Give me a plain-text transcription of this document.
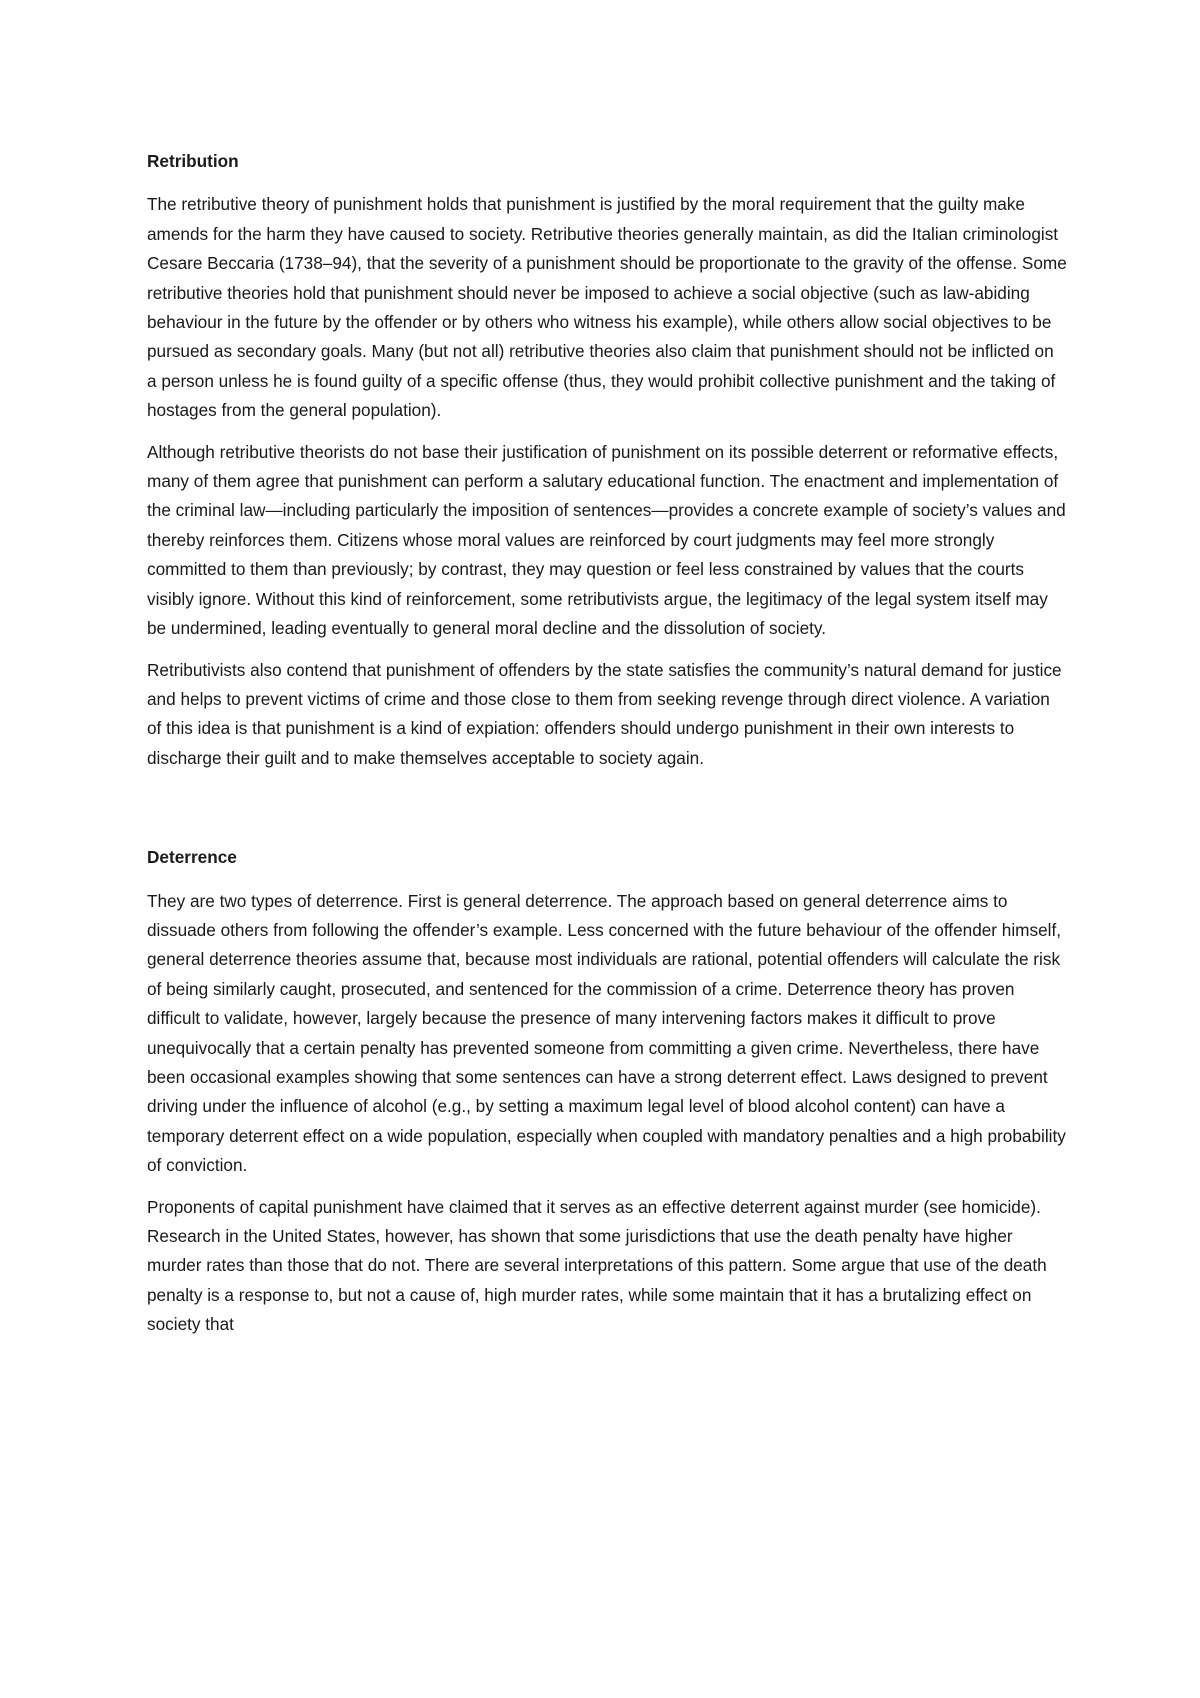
Retribution

The retributive theory of punishment holds that punishment is justified by the moral requirement that the guilty make amends for the harm they have caused to society. Retributive theories generally maintain, as did the Italian criminologist Cesare Beccaria (1738–94), that the severity of a punishment should be proportionate to the gravity of the offense. Some retributive theories hold that punishment should never be imposed to achieve a social objective (such as law-abiding behaviour in the future by the offender or by others who witness his example), while others allow social objectives to be pursued as secondary goals. Many (but not all) retributive theories also claim that punishment should not be inflicted on a person unless he is found guilty of a specific offense (thus, they would prohibit collective punishment and the taking of hostages from the general population).

Although retributive theorists do not base their justification of punishment on its possible deterrent or reformative effects, many of them agree that punishment can perform a salutary educational function. The enactment and implementation of the criminal law—including particularly the imposition of sentences—provides a concrete example of society’s values and thereby reinforces them. Citizens whose moral values are reinforced by court judgments may feel more strongly committed to them than previously; by contrast, they may question or feel less constrained by values that the courts visibly ignore. Without this kind of reinforcement, some retributivists argue, the legitimacy of the legal system itself may be undermined, leading eventually to general moral decline and the dissolution of society.

Retributivists also contend that punishment of offenders by the state satisfies the community’s natural demand for justice and helps to prevent victims of crime and those close to them from seeking revenge through direct violence. A variation of this idea is that punishment is a kind of expiation: offenders should undergo punishment in their own interests to discharge their guilt and to make themselves acceptable to society again.

Deterrence

They are two types of deterrence. First is general deterrence. The approach based on general deterrence aims to dissuade others from following the offender’s example. Less concerned with the future behaviour of the offender himself, general deterrence theories assume that, because most individuals are rational, potential offenders will calculate the risk of being similarly caught, prosecuted, and sentenced for the commission of a crime. Deterrence theory has proven difficult to validate, however, largely because the presence of many intervening factors makes it difficult to prove unequivocally that a certain penalty has prevented someone from committing a given crime. Nevertheless, there have been occasional examples showing that some sentences can have a strong deterrent effect. Laws designed to prevent driving under the influence of alcohol (e.g., by setting a maximum legal level of blood alcohol content) can have a temporary deterrent effect on a wide population, especially when coupled with mandatory penalties and a high probability of conviction.

Proponents of capital punishment have claimed that it serves as an effective deterrent against murder (see homicide). Research in the United States, however, has shown that some jurisdictions that use the death penalty have higher murder rates than those that do not. There are several interpretations of this pattern. Some argue that use of the death penalty is a response to, but not a cause of, high murder rates, while some maintain that it has a brutalizing effect on society that
